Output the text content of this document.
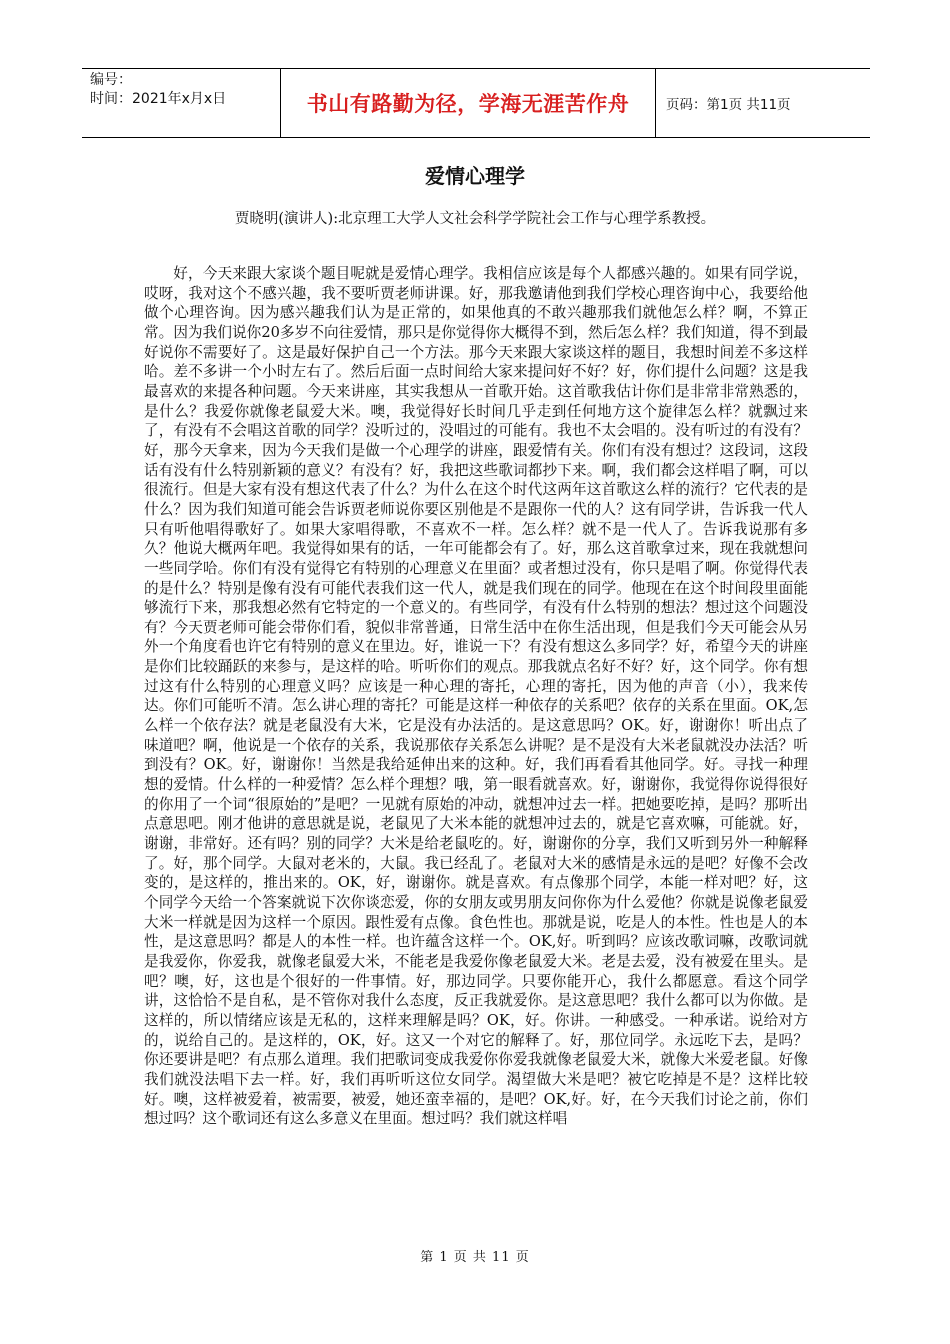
编号：
时间：2021年x月x日	书山有路勤为径，学海无涯苦作舟	页码：第1页 共11页
爱情心理学
贾晓明(演讲人):北京理工大学人文社会科学学院社会工作与心理学系教授。

好，今天来跟大家谈个题目呢就是爱情心理学。我相信应该是每个人都感兴趣的。如果有同学说，哎呀，我对这个不感兴趣，我不要听贾老师讲课。好，那我邀请他到我们学校心理咨询中心，我要给他做个心理咨询。因为感兴趣我们认为是正常的，如果他真的不敢兴趣那我们就他怎么样？啊，不算正常。因为我们说你20多岁不向往爱情，那只是你觉得你大概得不到，然后怎么样？我们知道，得不到最好说你不需要好了。这是最好保护自己一个方法。那今天来跟大家谈这样的题目，我想时间差不多这样哈。差不多讲一个小时左右了。然后后面一点时间给大家来提问好不好？好，你们提什么问题？这是我最喜欢的来提各种问题。今天来讲座，其实我想从一首歌开始。这首歌我估计你们是非常非常熟悉的，是什么？我爱你就像老鼠爱大米。噢，我觉得好长时间几乎走到任何地方这个旋律怎么样？就飘过来了，有没有不会唱这首歌的同学？没听过的，没唱过的可能有。我也不太会唱的。没有听过的有没有？好，那今天拿来，因为今天我们是做一个心理学的讲座，跟爱情有关。你们有没有想过？这段词，这段话有没有什么特别新颖的意义？有没有？好，我把这些歌词都抄下来。啊，我们都会这样唱了啊，可以很流行。但是大家有没有想这代表了什么？为什么在这个时代这两年这首歌这么样的流行？它代表的是什么？因为我们知道可能会告诉贾老师说你要区别他是不是跟你一代的人？这有同学讲，告诉我一代人只有听他唱得歌好了。如果大家唱得歌，不喜欢不一样。怎么样？就不是一代人了。告诉我说那有多久？他说大概两年吧。我觉得如果有的话，一年可能都会有了。好，那么这首歌拿过来，现在我就想问一些同学哈。你们有没有觉得它有特别的心理意义在里面？或者想过没有，你只是唱了啊。你觉得代表的是什么？特别是像有没有可能代表我们这一代人，就是我们现在的同学。他现在在这个时间段里面能够流行下来，那我想必然有它特定的一个意义的。有些同学，有没有什么特别的想法？想过这个问题没有？今天贾老师可能会带你们看，貌似非常普通，日常生活中在你生活出现，但是我们今天可能会从另外一个角度看也许它有特别的意义在里边。好，谁说一下？有没有想这么多同学？好，希望今天的讲座是你们比较踊跃的来参与，是这样的哈。听听你们的观点。那我就点名好不好？好，这个同学。你有想过这有什么特别的心理意义吗？应该是一种心理的寄托，心理的寄托，因为他的声音（小），我来传达。你们可能听不清。怎么讲心理的寄托？可能是这样一种依存的关系吧？依存的关系在里面。OK,怎么样一个依存法？就是老鼠没有大米，它是没有办法活的。是这意思吗？OK。好，谢谢你！听出点了味道吧？啊，他说是一个依存的关系，我说那依存关系怎么讲呢？是不是没有大米老鼠就没办法活？听到没有？OK。好，谢谢你！当然是我给延伸出来的这种。好，我们再看看其他同学。好。寻找一种理想的爱情。什么样的一种爱情？怎么样个理想？哦，第一眼看就喜欢。好，谢谢你，我觉得你说得很好的你用了一个词“很原始的”是吧？一见就有原始的冲动，就想冲过去一样。把她要吃掉，是吗？那听出点意思吧。刚才他讲的意思就是说，老鼠见了大米本能的就想冲过去的，就是它喜欢嘛，可能就。好，谢谢，非常好。还有吗？别的同学？大米是给老鼠吃的。好，谢谢你的分享，我们又听到另外一种解释了。好，那个同学。大鼠对老米的，大鼠。我已经乱了。老鼠对大米的感情是永远的是吧？好像不会改变的，是这样的，推出来的。OK，好，谢谢你。就是喜欢。有点像那个同学，本能一样对吧？好，这个同学今天给一个答案就说下次你谈恋爱，你的女朋友或男朋友问你你为什么爱他？你就是说像老鼠爱大米一样就是因为这样一个原因。跟性爱有点像。食色性也。那就是说，吃是人的本性。性也是人的本性，是这意思吗？都是人的本性一样。也许蕴含这样一个。OK,好。听到吗？应该改歌词嘛，改歌词就是我爱你，你爱我，就像老鼠爱大米，不能老是我爱你像老鼠爱大米。老是去爱，没有被爱在里头。是吧？噢，好，这也是个很好的一件事情。好，那边同学。只要你能开心，我什么都愿意。看这个同学讲，这恰恰不是自私，是不管你对我什么态度，反正我就爱你。是这意思吧？我什么都可以为你做。是这样的，所以情绪应该是无私的，这样来理解是吗？OK，好。你讲。一种感受。一种承诺。说给对方的，说给自己的。是这样的，OK，好。这又一个对它的解释了。好，那位同学。永远吃下去，是吗？你还要讲是吧？有点那么道理。我们把歌词变成我爱你你爱我就像老鼠爱大米，就像大米爱老鼠。好像我们就没法唱下去一样。好，我们再听听这位女同学。渴望做大米是吧？被它吃掉是不是？这样比较好。噢，这样被爱着，被需要，被爱，她还蛮幸福的，是吧？OK,好。好，在今天我们讨论之前，你们想过吗？这个歌词还有这么多意义在里面。想过吗？我们就这样唱

第 1 页 共 11 页
